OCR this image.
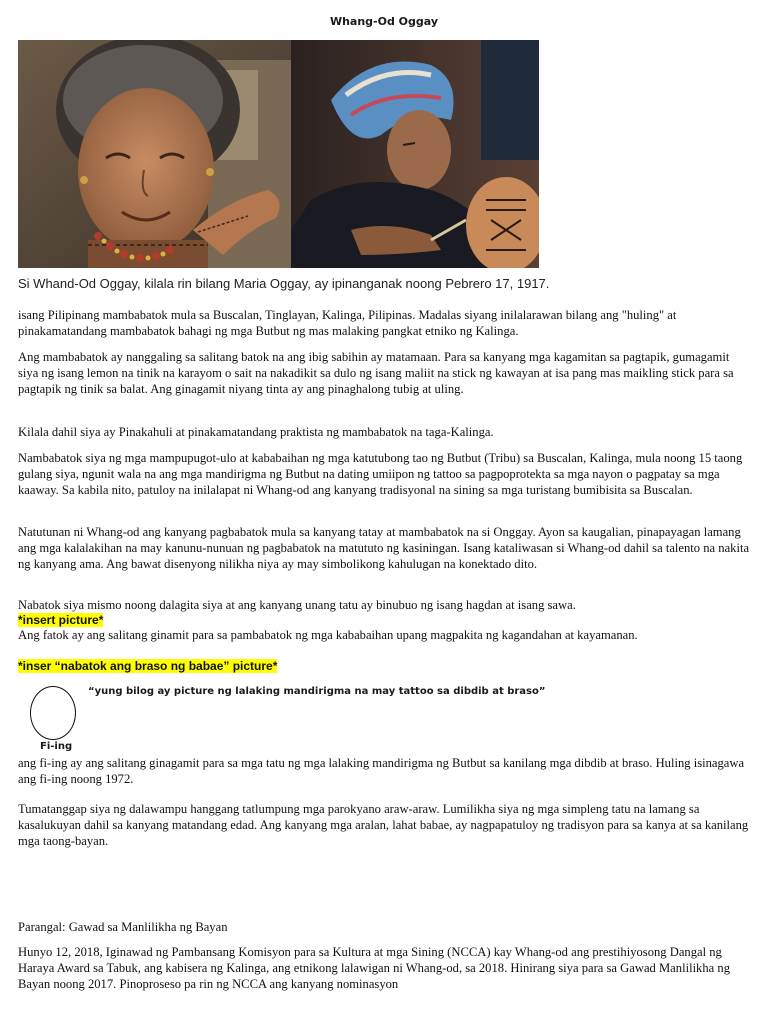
Whang-Od Oggay
Si Whand-Od Oggay, kilala rin bilang Maria Oggay, ay ipinanganak noong Pebrero 17, 1917.

isang Pilipinang mambabatok mula sa Buscalan, Tinglayan, Kalinga, Pilipinas. Madalas siyang inilalarawan bilang ang "huling" at pinakamatandang mambabatok bahagi ng mga Butbut ng mas malaking pangkat etniko ng Kalinga.

Ang mambabatok ay nanggaling sa salitang batok na ang ibig sabihin ay matamaan. Para sa kanyang mga kagamitan sa pagtapik, gumagamit siya ng isang lemon na tinik na karayom o sait na nakadikit sa dulo ng isang maliit na stick ng kawayan at isa pang mas maikling stick para sa pagtapik ng tinik sa balat. Ang ginagamit niyang tinta ay ang pinaghalong tubig at uling.

Kilala dahil siya ay Pinakahuli at pinakamatandang praktista ng mambabatok na taga-Kalinga.

Nambabatok siya ng mga mampupugot-ulo at kababaihan ng mga katutubong tao ng Butbut (Tribu) sa Buscalan, Kalinga, mula noong 15 taong gulang siya, ngunit wala na ang mga mandirigma ng Butbut na dating umiipon ng tattoo sa pagpoprotekta sa mga nayon o pagpatay sa mga kaaway. Sa kabila nito, patuloy na inilalapat ni Whang-od ang kanyang tradisyonal na sining sa mga turistang bumibisita sa Buscalan.

Natutunan ni Whang-od ang kanyang pagbabatok mula sa kanyang tatay at mambabatok na si Onggay. Ayon sa kaugalian, pinapayagan lamang ang mga kalalakihan na may kanunu-nunuan ng pagbabatok na matututo ng kasiningan. Isang kataliwasan si Whang-od dahil sa talento na nakita ng kanyang ama. Ang bawat disenyong nilikha niya ay may simbolikong kahulugan na konektado dito.

Nabatok siya mismo noong dalagita siya at ang kanyang unang tatu ay binubuo ng isang hagdan at isang sawa.

*insert picture*

Ang fatok ay ang salitang ginamit para sa pambabatok ng mga kababaihan upang magpakita ng kagandahan at kayamanan.

*inser “nabatok ang braso ng babae” picture*
“yung bilog ay picture ng lalaking mandirigma na may tattoo sa dibdib at braso”
Fi-ing

ang fi-ing ay ang salitang ginagamit para sa mga tatu ng mga lalaking mandirigma ng Butbut sa kanilang mga dibdib at braso. Huling isinagawa ang fi-ing noong 1972.

Tumatanggap siya ng dalawampu hanggang tatlumpung mga parokyano araw-araw. Lumilikha siya ng mga simpleng tatu na lamang sa kasalukuyan dahil sa kanyang matandang edad. Ang kanyang mga aralan, lahat babae, ay nagpapatuloy ng tradisyon para sa kanya at sa kanilang mga taong-bayan.

Parangal: Gawad sa Manlilikha ng Bayan

Hunyo 12, 2018, Iginawad ng Pambansang Komisyon para sa Kultura at mga Sining (NCCA) kay Whang-od ang prestihiyosong Dangal ng Haraya Award sa Tabuk, ang kabisera ng Kalinga, ang etnikong lalawigan ni Whang-od, sa 2018. Hinirang siya para sa Gawad Manlilikha ng Bayan noong 2017. Pinoproseso pa rin ng NCCA ang kanyang nominasyon
